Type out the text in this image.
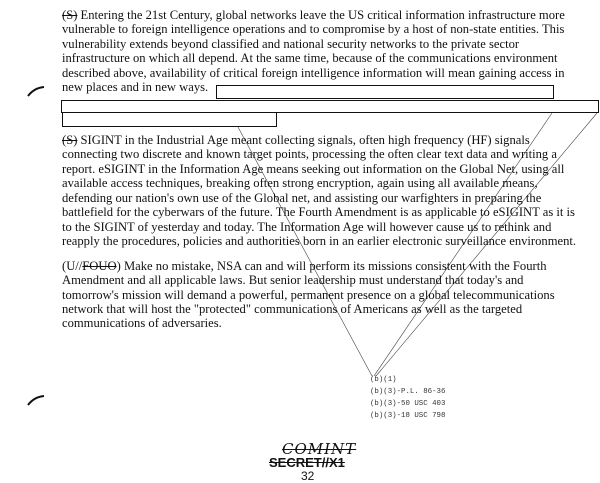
(S) Entering the 21st Century, global networks leave the US critical information infrastructure more
vulnerable to foreign intelligence operations and to compromise by a host of non-state entities. This
vulnerability extends beyond classified and national security networks to the private sector
infrastructure on which all depend. At the same time, because of the communications environment
described above, availability of critical foreign intelligence information will mean gaining access in
new places and in new ways.
(S) SIGINT in the Industrial Age meant collecting signals, often high frequency (HF) signals
connecting two discrete and known target points, processing the often clear text data and writing a
report. eSIGINT in the Information Age means seeking out information on the Global Net, using all
available access techniques, breaking often strong encryption, again using all available means,
defending our nation's own use of the Global net, and assisting our warfighters in preparing the
battlefield for the cyberwars of the future. The Fourth Amendment is as applicable to eSIGINT as it is
to the SIGINT of yesterday and today. The Information Age will however cause us to rethink and
reapply the procedures, policies and authorities born in an earlier electronic surveillance environment.
(U//FOUO) Make no mistake, NSA can and will perform its missions consistent with the Fourth
Amendment and all applicable laws. But senior leadership must understand that today's and
tomorrow's mission will demand a powerful, permanent presence on a global telecommunications
network that will host the "protected" communications of Americans as well as the targeted
communications of adversaries.
(b)(1)
(b)(3)-P.L. 86-36
(b)(3)-50 USC 403
(b)(3)-18 USC 798
COMINT
SECRET//X1
32
